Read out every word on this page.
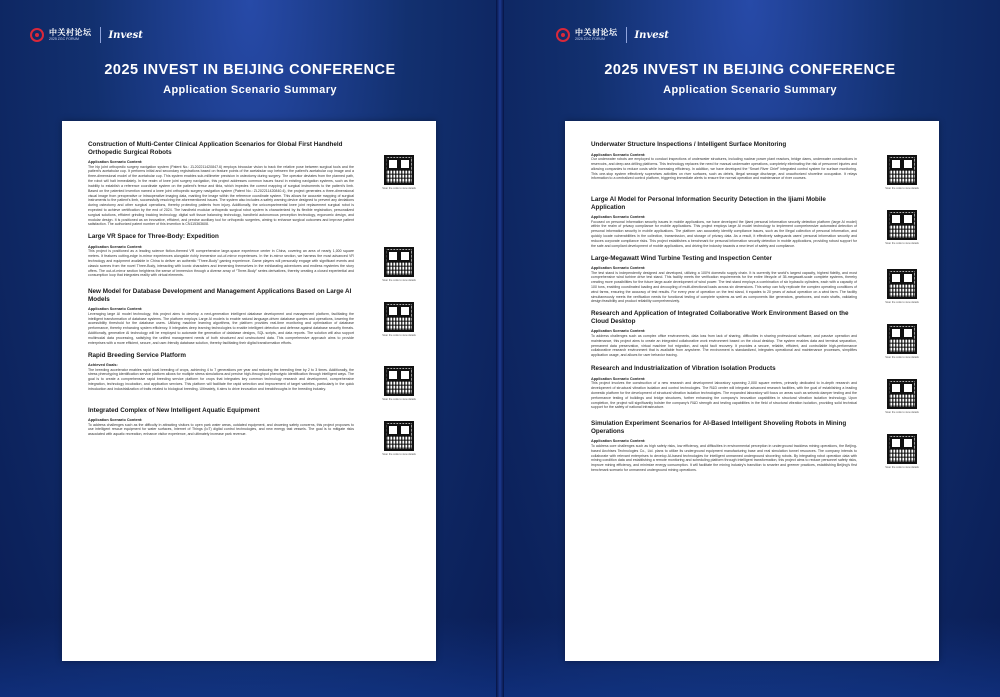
中关村论坛
2025 ZGC FORUM	Invest
2025 INVEST IN BEIJING CONFERENCE
Application Scenario Summary
Construction of Multi-Center Clinical Application Scenarios for Global First Handheld Orthopedic Surgical Robots
Application Scenario Content:
The hip joint orthopedic surgery navigation system (Patent No.: ZL202211420847.6) employs binocular vision to track the relative pose between surgical tools and the patient’s acetabular cup. It performs initial and secondary registrations based on feature points of the acetabular cup between the patient’s acetabular cup image and a three-dimensional model of the acetabular cup. This system enables sub-millimeter precision in osteotomy during surgery. The operator deviates from the planned path, the robot will halt immediately. In the realm of knee joint surgery navigation, this project addresses common issues found in existing navigation systems, such as the inability to establish a reference coordinate system on the patient’s femur and tibia, which impedes the correct mapping of surgical instruments to the patient’s limb. Based on the patented invention named a knee joint orthopedic surgery navigation system (Patent No.: ZL202211420840.4), the project generates a three-dimensional visual image from preoperative or intraoperative imaging data, marking the image within the reference coordinate system. This allows for accurate mapping of surgical instruments to the patient’s limb, successfully resolving the aforementioned issues. The system also includes a safety warning device designed to prevent any deviations during osteotomy and other surgical operations, thereby protecting patients from injury. Additionally, the unicompartmental knee joint replacement surgical robot is expected to achieve certification by the end of 2024. The handheld modular orthopedic surgical robot system is characterized by its flexible registration, personalized surgical solutions, efficient grinding tracking technology, digital soft tissue balancing technology, handheld autonomous perception technology, ergonomic design, and modular design. It is positioned as an innovative, efficient, and precise auxiliary tool for orthopedic surgeries, aiming to enhance surgical outcomes and improve patient satisfaction. The authorized patent number of this invention is CN115363608.
Scan the code to view details
Large VR Space for Three-Body: Expedition
Application Scenario Content:
This project is positioned as a leading science fiction-themed VR comprehensive large-space experience center in China, covering an area of nearly 1,000 square meters. It features cutting-edge in-mirror experiences alongside richly immersive out-of-mirror experiences. In the in-mirror section, we harness the most advanced VR technology and equipment available in China to deliver an authentic “Three-Body” gaming experience. Game players will personally engage with significant events and classic scenes from the novel Three-Body, interacting with iconic characters and immersing themselves in the exhilarating adventures and endless mysteries the story offers. The out-of-mirror section heightens the sense of immersion through a diverse array of “Three-Body” series derivatives, thereby creating a closed experiential and consumption loop that integrates reality with virtual elements.
Scan the code to view details
New Model for Database Development and Management Applications Based on Large AI Models
Application Scenario Content:
Leveraging large AI model technology, this project aims to develop a next-generation intelligent database development and management platform, facilitating the intelligent transformation of database systems. The platform employs Large AI models to enable natural language-driven database queries and operations, lowering the accessibility threshold for the database users. Utilizing machine learning algorithms, the platform provides real-time monitoring and optimization of database performance, thereby enhancing system efficiency. It integrates deep learning technologies to enable intelligent detection and defense against database security threats. Additionally, generative AI technology will be employed to automate the generation of database designs, SQL scripts, and data reports. The solution will also support multimodal data processing, satisfying the unified management needs of both structured and unstructured data. This comprehensive approach aims to provide enterprises with a more efficient, secure, and user-friendly database solution, thereby facilitating their digital transformation efforts.
Scan the code to view details
Rapid Breeding Service Platform
Achieved Goals:
The breeding accelerator enables rapid local breeding of crops, achieving 4 to 7 generations per year and reducing the breeding time by 2 to 3 times. Additionally, the stress phenotyping identification service platform allows for multiple stress simulations and precise high-throughput phenotypic identification through intelligent ways. The goal is to create a comprehensive rapid breeding service platform for crops that integrates key common technology research and development, comprehensive integration, technology incubation, and application services. This platform will facilitate the rapid selection and improvement of target varieties, particularly in the quick introduction and industrialization of traits related to biological breeding. Ultimately, it aims to drive innovation and breakthroughs in the breeding industry.
Scan the code to view details
Integrated Complex of New Intelligent Aquatic Equipment
Application Scenario Content:
To address challenges such as the difficulty in attracting visitors to open park water areas, outdated equipment, and drowning safety concerns, this project proposes to use intelligent rescue equipment for water surfaces, Internet of Things (IoT) digital control technologies, and new energy fast vessels. The goal is to mitigate risks associated with aquatic recreation, enhance visitor experience, and ultimately increase park revenue.
Scan the code to view details
中关村论坛
2025 ZGC FORUM	Invest
2025 INVEST IN BEIJING CONFERENCE
Application Scenario Summary
Underwater Structure Inspections / Intelligent Surface Monitoring
Application Scenario Content:
Our underwater robots are employed to conduct inspections of underwater structures, including nuclear power plant reactors, bridge dams, underwater constructions in reservoirs, and deep-sea drilling platforms. This technology replaces the need for manual underwater operations, completely eliminating the risk of personnel injuries and allowing companies to reduce costs while increasing efficiency. In addition, we have developed the “Smart River Chief” integrated control system for surface monitoring. This one-stop system effectively supervises activities on river surfaces, such as debris, illegal sewage discharge, and unauthorized shoreline occupation. It relays information to a centralized control platform, triggering immediate alerts to ensure the normal operation and maintenance of river courses.
Scan the code to view details
Large AI Model for Personal Information Security Detection in the Ijiami Mobile Application
Application Scenario Content:
Focused on personal information security issues in mobile applications, we have developed the Ijiami personal information security detection platform (large AI model) within the realm of privacy compliance for mobile applications. This project employs large AI model technology to implement comprehensive automated detection of personal information security in mobile applications. The platform can accurately identify compliance issues, such as the illegal collection of personal information, and quickly locate vulnerabilities in the collection, transmission, and storage of privacy data. As a result, it effectively safeguards users’ personal information security and reduces corporate compliance risks. This project establishes a benchmark for personal information security detection in mobile applications, providing robust support for the safe and compliant development of mobile applications, and driving the industry towards a new level of safety and compliance.
Scan the code to view details
Large-Megawatt Wind Turbine Testing and Inspection Center
Application Scenario Content:
The test stand is independently designed and developed, utilizing a 100% domestic supply chain. It is currently the world’s largest capacity, highest fidelity, and most comprehensive wind turbine drive test stand. This facility meets the verification requirements for the entire lifecycle of 35-megawatt-scale complete systems, thereby creating more possibilities for the future large-scale development of wind power. The test stand employs a combination of six hydraulic cylinders, each with a capacity of 100 tons, enabling coordinated loading and decoupling of multi-directional loads across six dimensions. This setup can fully replicate the complex operating conditions of wind farms, ensuring the accuracy of test results. For every year of operation on the test stand, it equates to 20 years of actual operation on a wind farm. The facility simultaneously meets the verification needs for functional testing of complete systems as well as components like generators, gearboxes, and main shafts, validating design feasibility and product reliability comprehensively.	Scan the code to view details
Research and Application of Integrated Collaborative Work Environment Based on the Cloud Desktop
Application Scenario Content:
To address challenges such as complex office environments, data loss from lack of sharing, difficulties in sharing professional software, and passive operation and maintenance, this project aims to create an integrated collaborative work environment based on the cloud desktop. The system enables data and terminal separation, permanent data preservation, virtual machine hot migration, and rapid fault recovery. It provides a secure, reliable, efficient, and controllable high-performance collaborative research environment that is available from anywhere. The environment is standardized, integrates operational and maintenance processes, simplifies application usage, and allows for user behavior tracing.
Scan the code to view details
Research and Industrialization of Vibration Isolation Products
Application Scenario Content:
This project involves the construction of a new research and development laboratory spanning 2,000 square meters, primarily dedicated to in-depth research and development of structural vibration isolation and control technologies. The R&D center will integrate advanced research facilities, with the goal of establishing a leading domestic platform for the development of structural vibration isolation technologies. The expanded laboratory will focus on areas such as seismic damper testing and the performance testing of buildings and bridge structures, further enhancing the company’s innovation capabilities in structural vibration isolation technology. Upon completion, the project will significantly bolster the company’s R&D strength and testing capabilities in the field of structural vibration isolation, providing solid technical support for the safety of national infrastructure.
Scan the code to view details
Simulation Experiment Scenarios for AI-Based Intelligent Shoveling Robots in Mining Operations
Application Scenario Content:
To address core challenges such as high safety risks, low efficiency, and difficulties in environmental perception in underground trackless mining operations, the Beijing-based Anchises Technologies Co., Ltd. plans to utilize its underground equipment manufacturing base and real simulation tunnel resources. The company intends to collaborate with relevant enterprises to develop AI-based technologies for intelligent unmanned underground shoveling robots. By integrating robot operation data with mining condition data and establishing a remote monitoring and scheduling platform through intelligent transformation, this project aims to reduce personnel safety risks, improve mining efficiency, and minimize energy consumption. It will facilitate the mining industry’s transition to smarter and greener practices, establishing Beijing’s first benchmark scenario for unmanned underground mining operations.
Scan the code to view details
